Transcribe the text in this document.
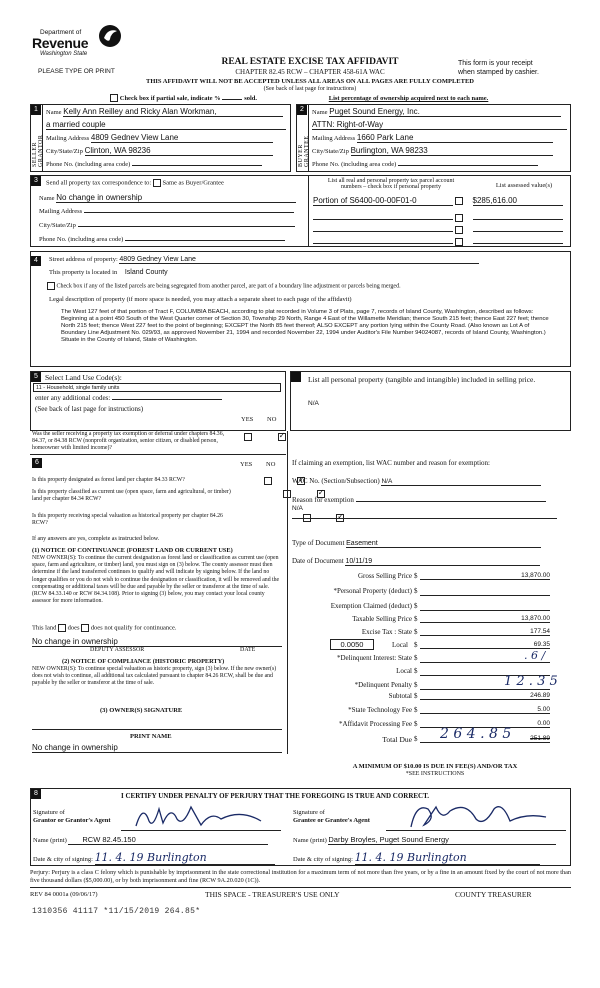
Department of
Revenue
Washington State
PLEASE TYPE OR PRINT
REAL ESTATE EXCISE TAX AFFIDAVIT
CHAPTER 82.45 RCW – CHAPTER 458-61A WAC
THIS AFFIDAVIT WILL NOT BE ACCEPTED UNLESS ALL AREAS ON ALL PAGES ARE FULLY COMPLETED
(See back of last page for instructions)
This form is your receipt
when stamped by cashier.
Check box if partial sale, indicate %	sold.	List percentage of ownership acquired next to each name.
1
SELLER GRANTOR
Name Kelly Ann Reilley and Ricky Alan Workman,
a married couple
Mailing Address 4809 Gednev View Lane
City/State/Zip Clinton, WA 98236
Phone No. (including area code)
2
BUYER GRANTEE
Name Puget Sound Energy, Inc.
ATTN: Right-of-Way
Mailing Address 1660 Park Lane
City/State/Zip Burlington, WA 98233
Phone No. (including area code)
3	Send all property tax correspondence to: Same as Buyer/Grantee
Name No change in ownership
Mailing Address
City/State/Zip
Phone No. (including area code)
List all real and personal property tax parcel account
numbers – check box if personal property	List assessed value(s)
Portion of S6400-00-00F01-0	$285,616.00

4	Street address of property: 4809 Gedney View Lane
This property is located in Island County
Check box if any of the listed parcels are being segregated from another parcel, are part of a boundary line adjustment or parcels being merged.
Legal description of property (if more space is needed, you may attach a separate sheet to each page of the affidavit)
The West 127 feet of that portion of Tract F, COLUMBIA BEACH, according to plat recorded in Volume 3 of Plats, page 7, records of Island County, Washington, described as follows: Beginning at a point 450 South of the West Quarter corner of Section 30, Township 29 North, Range 4 East of the Willamette Meridian; thence South 215 feet; thence East 227 feet; thence North 215 feet; thence West 227 feet to the point of beginning; EXCEPT the North 85 feet thereof; ALSO EXCEPT any portion lying within the County Road. (Also known as Lot A of Boundary Line Adjustment No. 029/93, as approved November 21, 1994 and recorded November 22, 1994 under Auditor's File Number 94024087, records of Island County, Washington.) Situate in the County of Island, State of Washington.
5 Select Land Use Code(s):
11 - Household, single family units
enter any additional codes:
(See back of last page for instructions)
YES NO
Was the seller receiving a property tax exemption or deferral under chapters 84.36, 84.37, or 84.38 RCW (nonprofit organization, senior citizen, or disabled person, homeowner with limited income)?
✓
List all personal property (tangible and intangible) included in selling price.
N/A
6	YES NO
Is this property designated as forest land per chapter 84.33 RCW?
✓
Is this property classified as current use (open space, farm and agricultural, or timber) land per chapter 84.34 RCW?
✓
Is this property receiving special valuation as historical property per chapter 84.26 RCW?
✓
If any answers are yes, complete as instructed below.
(1) NOTICE OF CONTINUANCE (FOREST LAND OR CURRENT USE)
NEW OWNER(S): To continue the current designation as forest land or classification as current use (open space, farm and agriculture, or timber) land, you must sign on (3) below. The county assessor must then determine if the land transferred continues to qualify and will indicate by signing below. If the land no longer qualifies or you do not wish to continue the designation or classification, it will be removed and the compensating or additional taxes will be due and payable by the seller or transferor at the time of sale. (RCW 84.33.140 or RCW 84.34.108). Prior to signing (3) below, you may contact your local county assessor for more information.
This land does does not qualify for continuance.
No change in ownership
DEPUTY ASSESSOR	DATE
(2) NOTICE OF COMPLIANCE (HISTORIC PROPERTY)
NEW OWNER(S): To continue special valuation as historic property, sign (3) below. If the new owner(s) does not wish to continue, all additional tax calculated pursuant to chapter 84.26 RCW, shall be due and payable by the seller or transferor at the time of sale.
(3) OWNER(S) SIGNATURE
PRINT NAME
No change in ownership
If claiming an exemption, list WAC number and reason for exemption:
WAC No. (Section/Subsection) N/A
Reason for exemption
N/A
Type of Document Easement
Date of Document 10/11/19
Gross Selling Price $	13,870.00
*Personal Property (deduct) $
Exemption Claimed (deduct) $
Taxable Selling Price $	13,870.00
Excise Tax : State $	177.54
0.0050	Local $	69.35
*Delinquent Interest: State $	. 6 /
Local $
*Delinquent Penalty $	1 2 . 3 5
Subtotal $	246.89
*State Technology Fee $	5.00
*Affidavit Processing Fee $	0.00
Total Due $	251.89
2 6 4 . 8 5
A MINIMUM OF $10.00 IS DUE IN FEE(S) AND/OR TAX
*SEE INSTRUCTIONS
8	I CERTIFY UNDER PENALTY OF PERJURY THAT THE FOREGOING IS TRUE AND CORRECT.
Signature of
Grantor or Grantor's Agent
Name (print) RCW 82.45.150
Date & city of signing: 11. 4. 19 Burlington
Signature of
Grantee or Grantee's Agent
Name (print) Darby Broyles, Puget Sound Energy
Date & city of signing: 11. 4. 19 Burlington
Perjury: Perjury is a class C felony which is punishable by imprisonment in the state correctional institution for a maximum term of not more than five years, or by a fine in an amount fixed by the court of not more than five thousand dollars ($5,000.00), or by both imprisonment and fine (RCW 9A.20.020 (1C)).
REV 84 0001a (09/06/17)	THIS SPACE - TREASURER'S USE ONLY	COUNTY TREASURER
1310356 41117 *11/15/2019 264.85*
